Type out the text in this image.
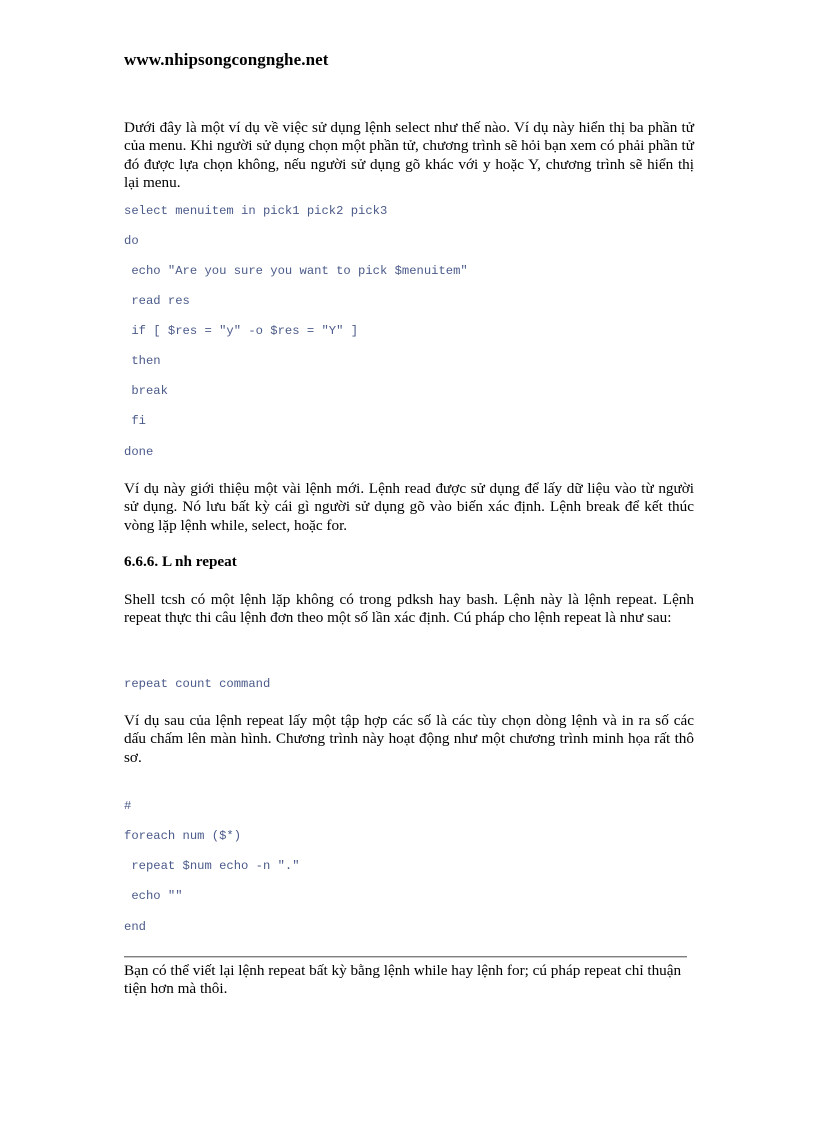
www.nhipsongcongnghe.net

Dưới đây là một ví dụ về việc sử dụng lệnh select như thế nào. Ví dụ này hiển thị ba phần tử của menu. Khi người sử dụng chọn một phần tử, chương trình sẽ hỏi bạn xem có phải phần tử đó được lựa chọn không, nếu người sử dụng gõ khác với y hoặc Y, chương trình sẽ hiển thị lại menu.

select menuitem in pick1 pick2 pick3
do
echo "Are you sure you want to pick $menuitem"
read res
if [ $res = "y" -o $res = "Y" ]
then
break
fi
done

Ví dụ này giới thiệu một vài lệnh mới. Lệnh read được sử dụng để lấy dữ liệu vào từ người sử dụng. Nó lưu bất kỳ cái gì người sử dụng gõ vào biến xác định. Lệnh break để kết thúc vòng lặp lệnh while, select, hoặc for.

6.6.6. L nh repeat

Shell tcsh có một lệnh lặp không có trong pdksh hay bash. Lệnh này là lệnh repeat. Lệnh repeat thực thi câu lệnh đơn theo một số lần xác định. Cú pháp cho lệnh repeat là như sau:

repeat count command

Ví dụ sau của lệnh repeat lấy một tập hợp các số là các tùy chọn dòng lệnh và in ra số các dấu chấm lên màn hình. Chương trình này hoạt động như một chương trình minh họa rất thô sơ.

#
foreach num ($*)
repeat $num echo -n "."
echo ""
end

Bạn có thể viết lại lệnh repeat bất kỳ bằng lệnh while hay lệnh for; cú pháp repeat chỉ thuận tiện hơn mà thôi.
